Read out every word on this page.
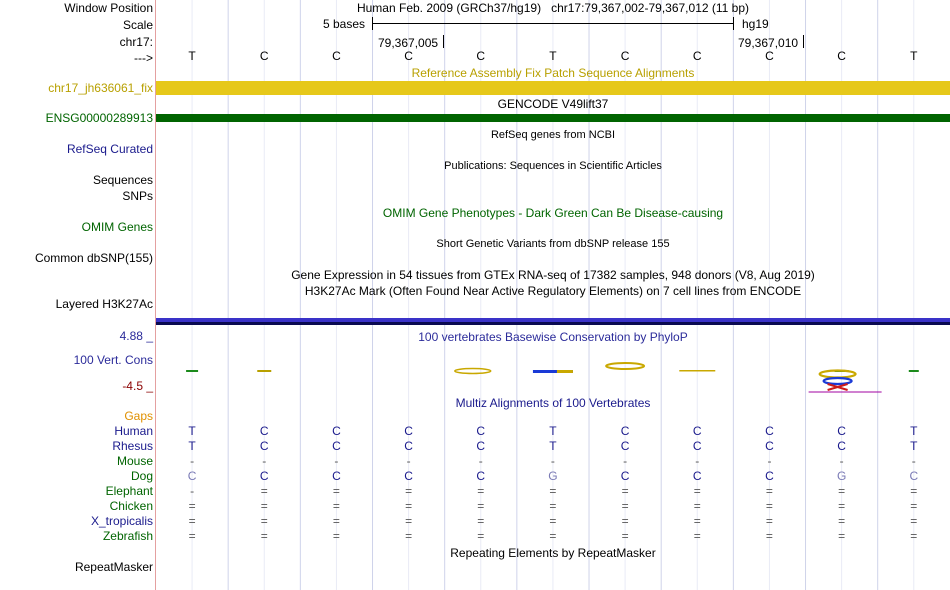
Window Position	Human Feb. 2009 (GRCh37/hg19)   chr17:79,367,002-79,367,012 (11 bp)
Scale	5 bases	hg19
chr17:	79,367,005	79,367,010
--->	T	C	C	C	C	T	C	C	C	C	T
Reference Assembly Fix Patch Sequence Alignments
chr17_jh636061_fix
GENCODE V49lift37
ENSG00000289913
RefSeq genes from NCBI
RefSeq Curated
Publications: Sequences in Scientific Articles
Sequences
SNPs
OMIM Gene Phenotypes - Dark Green Can Be Disease-causing
OMIM Genes
Short Genetic Variants from dbSNP release 155
Common dbSNP(155)
Gene Expression in 54 tissues from GTEx RNA-seq of 17382 samples, 948 donors (V8, Aug 2019)
H3K27Ac Mark (Often Found Near Active Regulatory Elements) on 7 cell lines from ENCODE
Layered H3K27Ac
4.88 _	100 vertebrates Basewise Conservation by PhyloP
100 Vert. Cons
-4.5 _
Multiz Alignments of 100 Vertebrates
Gaps
Human	T	C	C	C	C	T	C	C	C	C	T
Rhesus	T	C	C	C	C	T	C	C	C	C	T
Mouse	-	-	-	-	-	-	-	-	-	-	-
Dog	C	C	C	C	C	G	C	C	C	G	C
Elephant	-	=	=	=	=	=	=	=	=	=	=
Chicken	=	=	=	=	=	=	=	=	=	=	=
X_tropicalis	=	=	=	=	=	=	=	=	=	=	=
Zebrafish	=	=	=	=	=	=	=	=	=	=	=
Repeating Elements by RepeatMasker
RepeatMasker
